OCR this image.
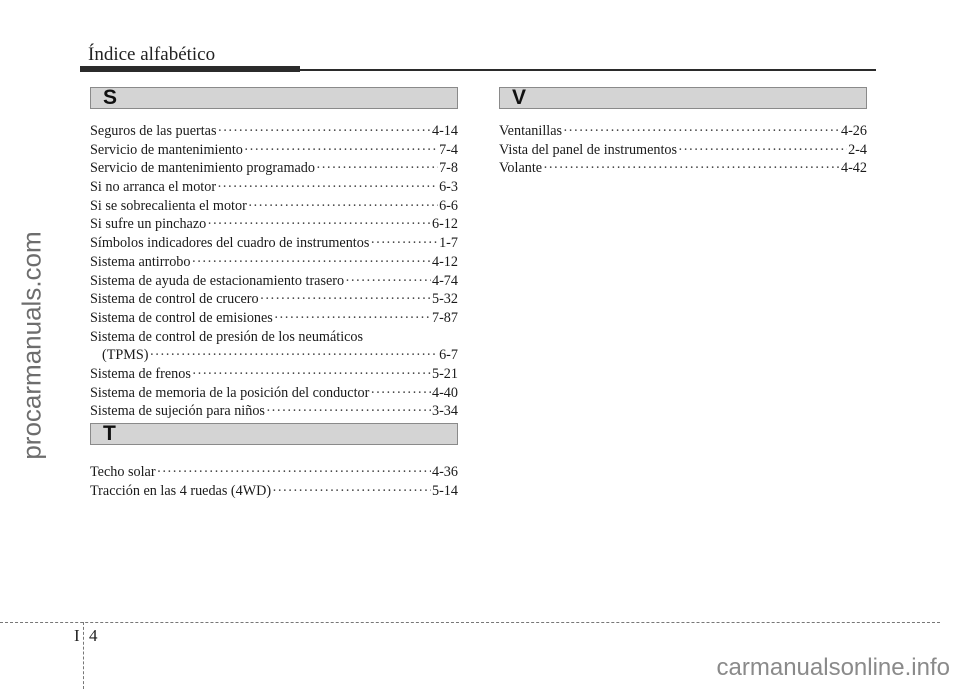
Índice alfabético
S
Seguros de las puertas ·····	4-14
Servicio de mantenimiento ·····	7-4
Servicio de mantenimiento programado ·····	7-8
Si no arranca el motor ·····	6-3
Si se sobrecalienta el motor ·····	6-6
Si sufre un pinchazo ·····	6-12
Símbolos indicadores del cuadro de instrumentos ·····	1-7
Sistema antirrobo ·····	4-12
Sistema de ayuda de estacionamiento trasero ·····	4-74
Sistema de control de crucero ·····	5-32
Sistema de control de emisiones ·····	7-87
Sistema de control de presión de los neumáticos
(TPMS) ·····	6-7
Sistema de frenos ·····	5-21
Sistema de memoria de la posición del conductor ·····	4-40
Sistema de sujeción para niños ·····	3-34
T
Techo solar ·····	4-36
Tracción en las 4 ruedas (4WD) ·····	5-14
V
Ventanillas ·····	4-26
Vista del panel de instrumentos ·····	2-4
Volante ·····	4-42
I 4
procarmanuals.com
carmanualsonline.info
